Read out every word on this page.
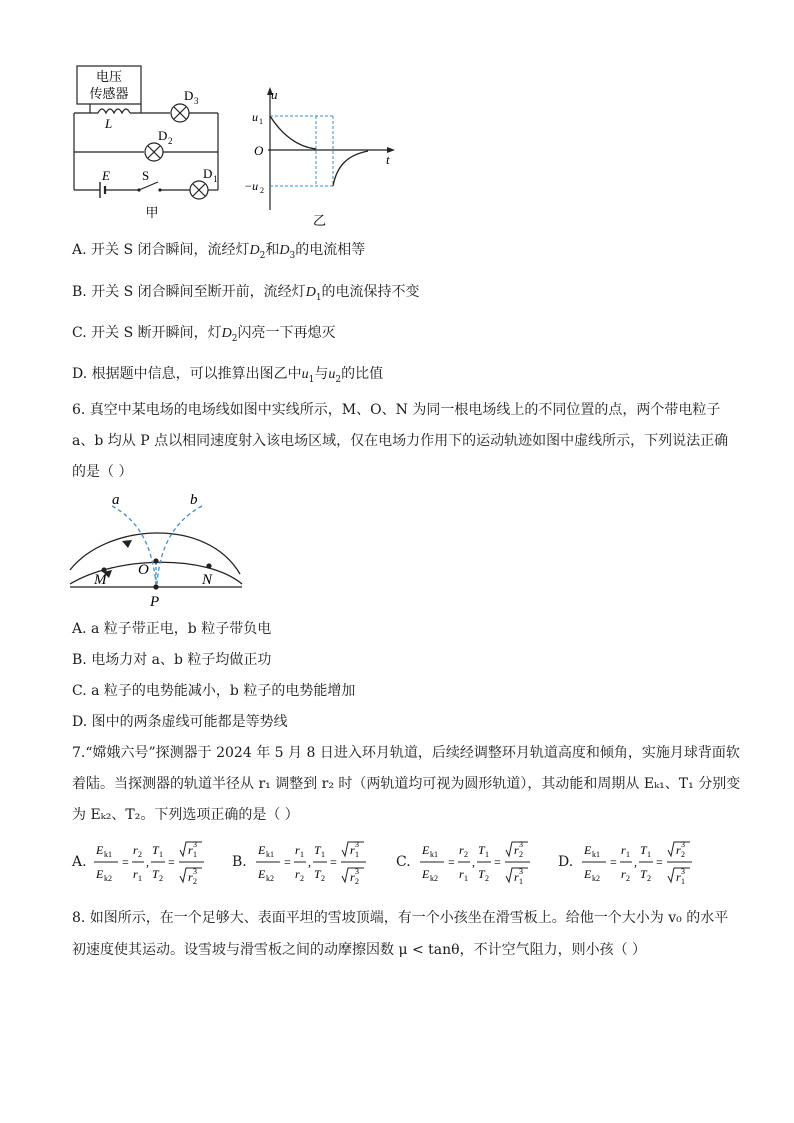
电压
传感器
L
D 3
D 2
E S	D 1
甲
u
t
u 1
O
−u 2
乙
A. 开关 S 闭合瞬间，流经灯$D_2$和$D_3$的电流相等
B. 开关 S 闭合瞬间至断开前，流经灯$D_1$的电流保持不变
C. 开关 S 断开瞬间，灯$D_2$闪亮一下再熄灭
D. 根据题中信息，可以推算出图乙中$u_1$与$u_2$的比值
6. 真空中某电场的电场线如图中实线所示，M、O、N 为同一根电场线上的不同位置的点，两个带电粒子
a、b 均从 P 点以相同速度射入该电场区域，仅在电场力作用下的运动轨迹如图中虚线所示，下列说法正确
的是（ ）
a	b
M
O
N
P
A. a 粒子带正电，b 粒子带负电
B. 电场力对 a、b 粒子均做正功
C. a 粒子的电势能减小，b 粒子的电势能增加
D. 图中的两条虚线可能都是等势线
7.“嫦娥六号”探测器于 2024 年 5 月 8 日进入环月轨道，后续经调整环月轨道高度和倾角，实施月球背面软
着陆。当探测器的轨道半径从 r₁ 调整到 r₂ 时（两轨道均可视为圆形轨道），其动能和周期从 Eₖ₁、T₁ 分别变
为 Eₖ₂、T₂。下列选项正确的是（ ）
A.
E k1
E k2
=
r 2
r 1
,
T 1
T 2
=
r 1
3
r 2
3
B.
E k1
E k2
=
r 1
r 2
,
T 1
T 2
=
r 1
3
r 2
3
C.
E k1
E k2
=
r 2
r 1
,
T 1
T 2
=
r 2
3
r 1
3
D.
E k1
E k2
=
r 1
r 2
,
T 1
T 2
=
r 2
3
r 1
3
8. 如图所示，在一个足够大、表面平坦的雪坡顶端，有一个小孩坐在滑雪板上。给他一个大小为 v₀ 的水平
初速度使其运动。设雪坡与滑雪板之间的动摩擦因数 μ < tanθ，不计空气阻力，则小孩（ ）
